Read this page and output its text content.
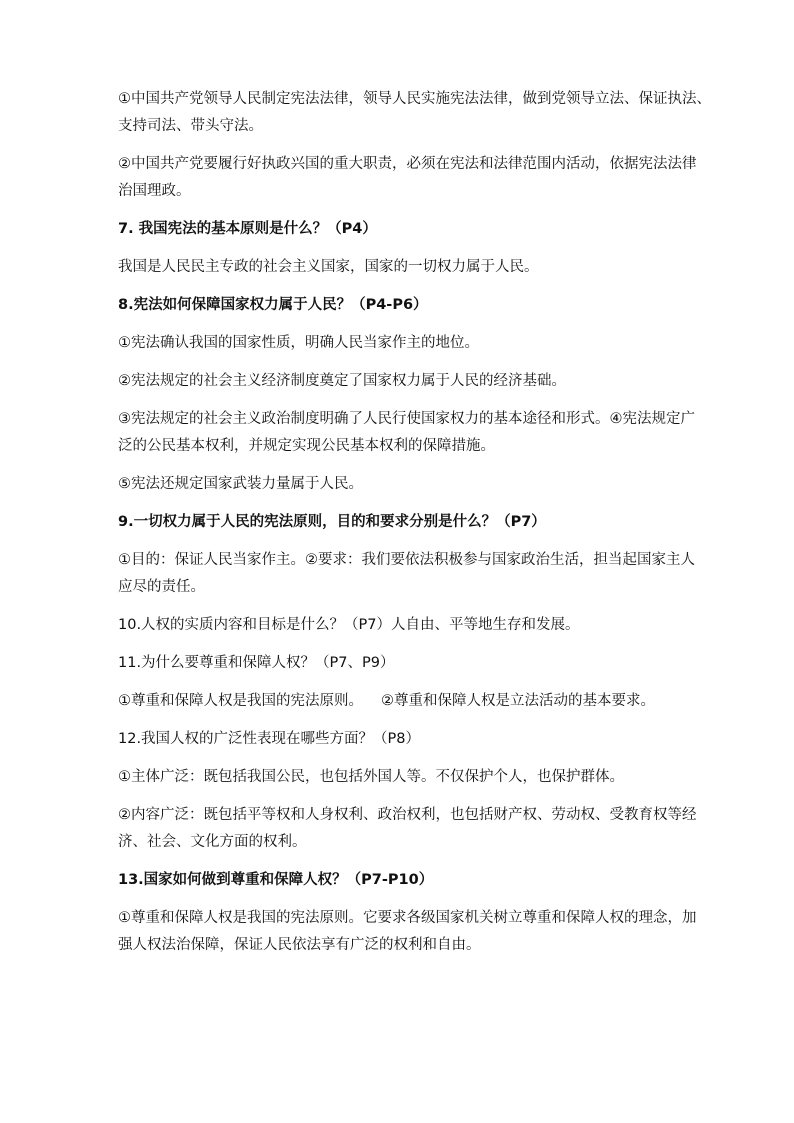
①中国共产党领导人民制定宪法法律，领导人民实施宪法法律，做到党领导立法、保证执法、
支持司法、带头守法。

②中国共产党要履行好执政兴国的重大职责，必须在宪法和法律范围内活动，依据宪法法律
治国理政。

7. 我国宪法的基本原则是什么？（P4）

我国是人民民主专政的社会主义国家，国家的一切权力属于人民。

8.宪法如何保障国家权力属于人民？（P4-P6）

①宪法确认我国的国家性质，明确人民当家作主的地位。

②宪法规定的社会主义经济制度奠定了国家权力属于人民的经济基础。

③宪法规定的社会主义政治制度明确了人民行使国家权力的基本途径和形式。④宪法规定广
泛的公民基本权利，并规定实现公民基本权利的保障措施。

⑤宪法还规定国家武装力量属于人民。

9.一切权力属于人民的宪法原则，目的和要求分别是什么？（P7）

①目的：保证人民当家作主。②要求：我们要依法积极参与国家政治生活，担当起国家主人
应尽的责任。

10.人权的实质内容和目标是什么？（P7）人自由、平等地生存和发展。

11.为什么要尊重和保障人权？（P7、P9）

①尊重和保障人权是我国的宪法原则。 ②尊重和保障人权是立法活动的基本要求。

12.我国人权的广泛性表现在哪些方面？（P8）

①主体广泛：既包括我国公民，也包括外国人等。不仅保护个人，也保护群体。

②内容广泛：既包括平等权和人身权利、政治权利，也包括财产权、劳动权、受教育权等经
济、社会、文化方面的权利。

13.国家如何做到尊重和保障人权？（P7-P10）

①尊重和保障人权是我国的宪法原则。它要求各级国家机关树立尊重和保障人权的理念，加
强人权法治保障，保证人民依法享有广泛的权利和自由。
